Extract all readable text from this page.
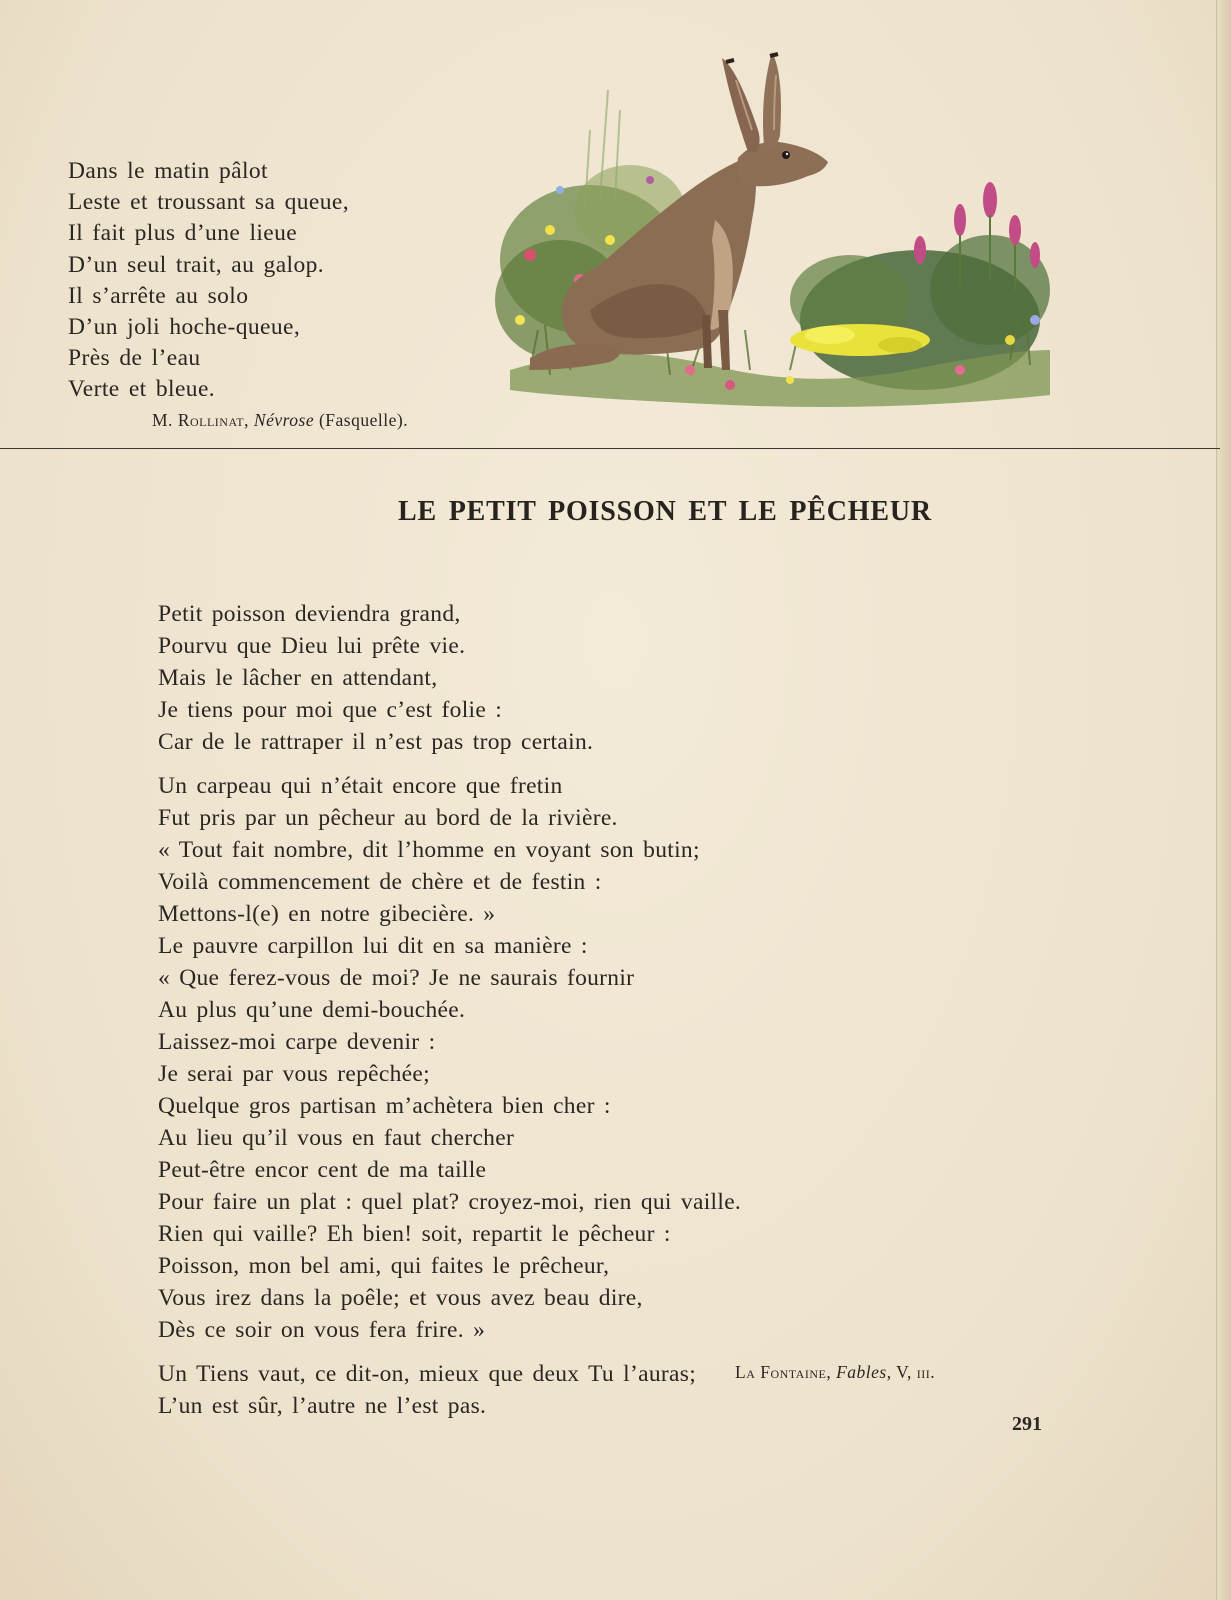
Dans le matin pâlot
Leste et troussant sa queue,
Il fait plus d’une lieue
D’un seul trait, au galop.
Il s’arrête au solo
D’un joli hoche-queue,
Près de l’eau
Verte et bleue.
M. Rollinat, Névrose (Fasquelle).
LE PETIT POISSON ET LE PÊCHEUR
Petit poisson deviendra grand,
Pourvu que Dieu lui prête vie.
Mais le lâcher en attendant,
Je tiens pour moi que c’est folie :
Car de le rattraper il n’est pas trop certain.
Un carpeau qui n’était encore que fretin
Fut pris par un pêcheur au bord de la rivière.
« Tout fait nombre, dit l’homme en voyant son butin;
Voilà commencement de chère et de festin :
Mettons-l(e) en notre gibecière. »
Le pauvre carpillon lui dit en sa manière :
« Que ferez-vous de moi? Je ne saurais fournir
Au plus qu’une demi-bouchée.
Laissez-moi carpe devenir :
Je serai par vous repêchée;
Quelque gros partisan m’achètera bien cher :
Au lieu qu’il vous en faut chercher
Peut-être encor cent de ma taille
Pour faire un plat : quel plat? croyez-moi, rien qui vaille.
Rien qui vaille? Eh bien! soit, repartit le pêcheur :
Poisson, mon bel ami, qui faites le prêcheur,
Vous irez dans la poêle; et vous avez beau dire,
Dès ce soir on vous fera frire. »
Un Tiens vaut, ce dit-on, mieux que deux Tu l’auras;
L’un est sûr, l’autre ne l’est pas.
La Fontaine, Fables, V, iii.
291
